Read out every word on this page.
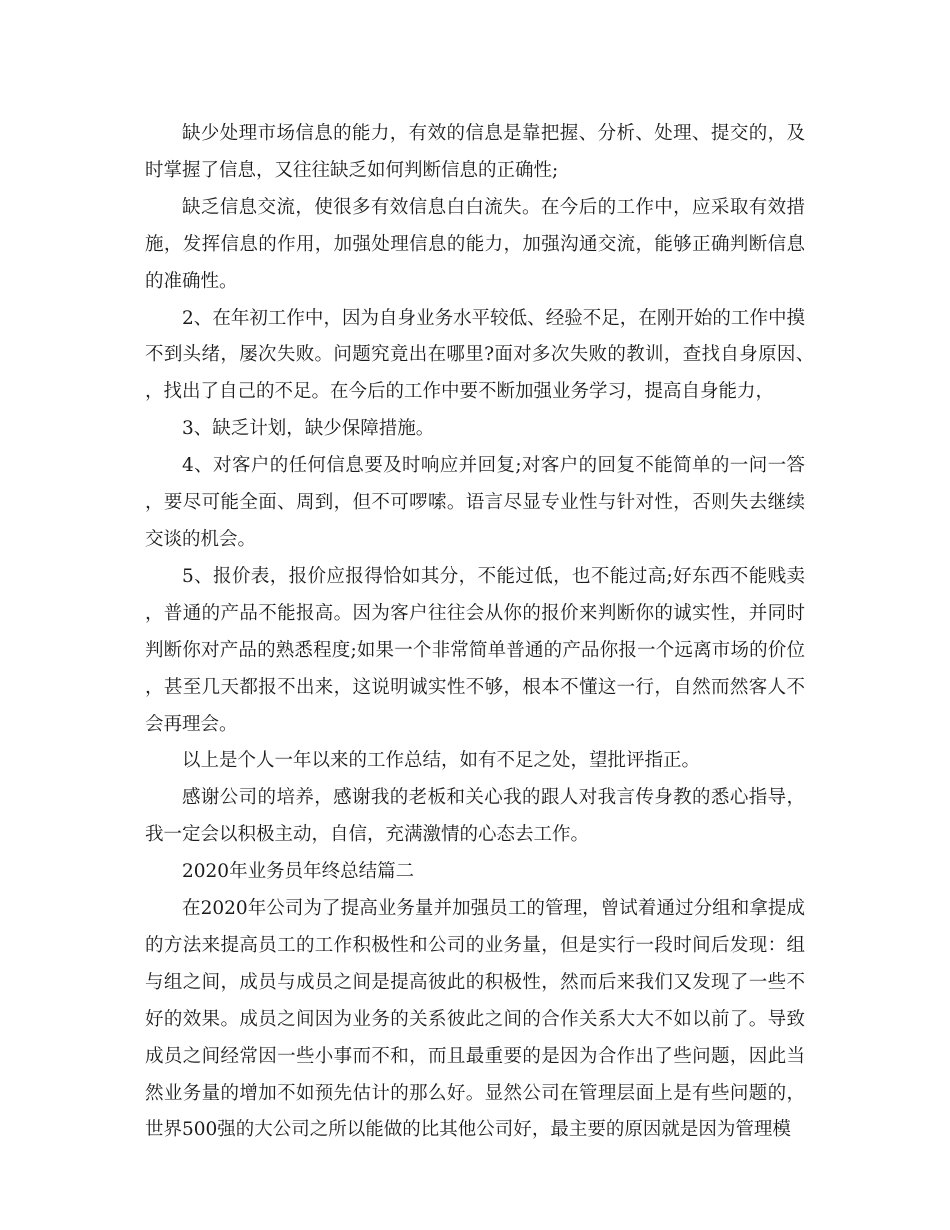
缺少处理市场信息的能力，有效的信息是靠把握、分析、处理、提交的，及时掌握了信息，又往往缺乏如何判断信息的正确性;

缺乏信息交流，使很多有效信息白白流失。在今后的工作中，应采取有效措施，发挥信息的作用，加强处理信息的能力，加强沟通交流，能够正确判断信息的准确性。

2、在年初工作中，因为自身业务水平较低、经验不足，在刚开始的工作中摸不到头绪，屡次失败。问题究竟出在哪里?面对多次失败的教训，查找自身原因、，找出了自己的不足。在今后的工作中要不断加强业务学习，提高自身能力，

3、缺乏计划，缺少保障措施。

4、对客户的任何信息要及时响应并回复;对客户的回复不能简单的一问一答，要尽可能全面、周到，但不可啰嗦。语言尽显专业性与针对性，否则失去继续交谈的机会。

5、报价表，报价应报得恰如其分，不能过低，也不能过高;好东西不能贱卖，普通的产品不能报高。因为客户往往会从你的报价来判断你的诚实性，并同时判断你对产品的熟悉程度;如果一个非常简单普通的产品你报一个远离市场的价位，甚至几天都报不出来，这说明诚实性不够，根本不懂这一行，自然而然客人不会再理会。

以上是个人一年以来的工作总结，如有不足之处，望批评指正。

感谢公司的培养，感谢我的老板和关心我的跟人对我言传身教的悉心指导，我一定会以积极主动，自信，充满激情的心态去工作。

2020年业务员年终总结篇二

在2020年公司为了提高业务量并加强员工的管理，曾试着通过分组和拿提成的方法来提高员工的工作积极性和公司的业务量，但是实行一段时间后发现：组与组之间，成员与成员之间是提高彼此的积极性，然而后来我们又发现了一些不好的效果。成员之间因为业务的关系彼此之间的合作关系大大不如以前了。导致成员之间经常因一些小事而不和，而且最重要的是因为合作出了些问题，因此当然业务量的增加不如预先估计的那么好。显然公司在管理层面上是有些问题的，世界500强的大公司之所以能做的比其他公司好，最主要的原因就是因为管理模
